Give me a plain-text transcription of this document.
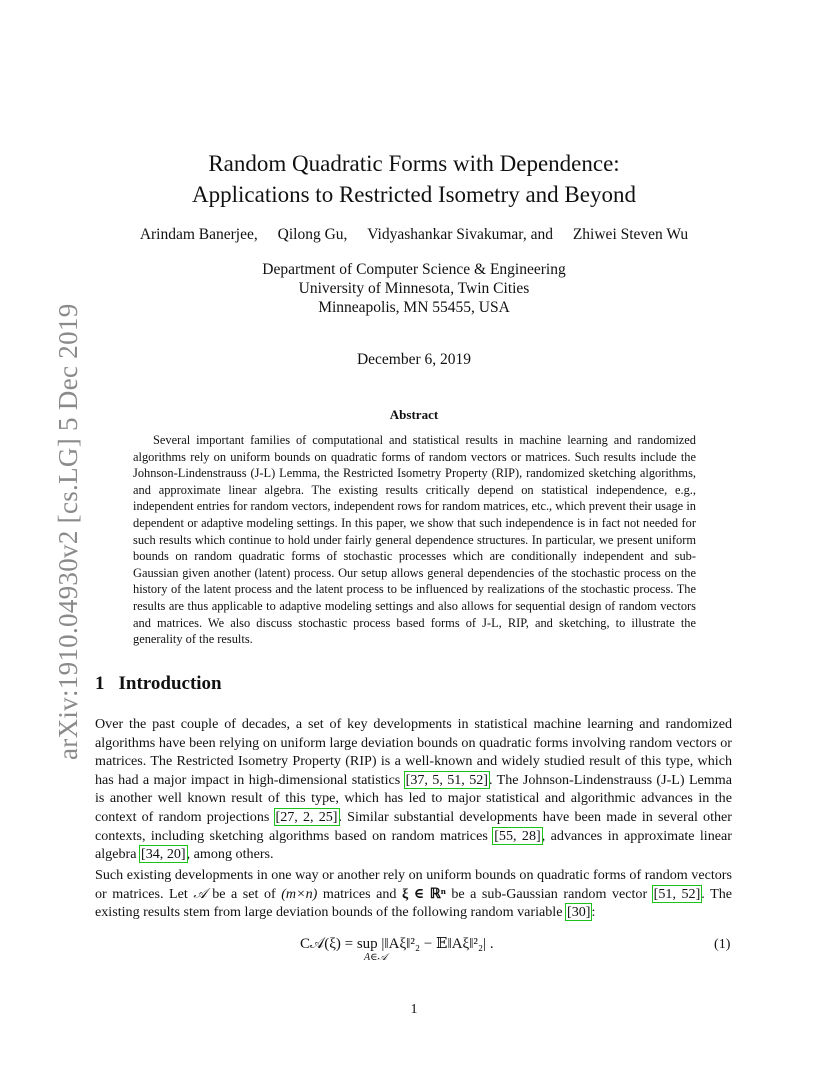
arXiv:1910.04930v2 [cs.LG] 5 Dec 2019
Random Quadratic Forms with Dependence:
Applications to Restricted Isometry and Beyond
Arindam Banerjee, Qilong Gu, Vidyashankar Sivakumar, and Zhiwei Steven Wu
Department of Computer Science & Engineering
University of Minnesota, Twin Cities
Minneapolis, MN 55455, USA
December 6, 2019
Abstract

Several important families of computational and statistical results in machine learning and randomized algorithms rely on uniform bounds on quadratic forms of random vectors or matrices. Such results include the Johnson-Lindenstrauss (J-L) Lemma, the Restricted Isometry Property (RIP), randomized sketching algorithms, and approximate linear algebra. The existing results critically depend on statistical independence, e.g., independent entries for random vectors, independent rows for random matrices, etc., which prevent their usage in dependent or adaptive modeling settings. In this paper, we show that such independence is in fact not needed for such results which continue to hold under fairly general dependence structures. In particular, we present uniform bounds on random quadratic forms of stochastic processes which are conditionally independent and sub-Gaussian given another (latent) process. Our setup allows general dependencies of the stochastic process on the history of the latent process and the latent process to be influenced by realizations of the stochastic process. The results are thus applicable to adaptive modeling settings and also allows for sequential design of random vectors and matrices. We also discuss stochastic process based forms of J-L, RIP, and sketching, to illustrate the generality of the results.

1 Introduction

Over the past couple of decades, a set of key developments in statistical machine learning and randomized algorithms have been relying on uniform large deviation bounds on quadratic forms involving random vectors or matrices. The Restricted Isometry Property (RIP) is a well-known and widely studied result of this type, which has had a major impact in high-dimensional statistics [37, 5, 51, 52]. The Johnson-Lindenstrauss (J-L) Lemma is another well known result of this type, which has led to major statistical and algorithmic advances in the context of random projections [27, 2, 25]. Similar substantial developments have been made in several other contexts, including sketching algorithms based on random matrices [55, 28], advances in approximate linear algebra [34, 20], among others.

Such existing developments in one way or another rely on uniform bounds on quadratic forms of random vectors or matrices. Let 𝒜 be a set of (m×n) matrices and ξ ∈ ℝⁿ be a sub-Gaussian random vector [51, 52]. The existing results stem from large deviation bounds of the following random variable [30]:

C𝒜(ξ) = sup |‖Aξ‖²₂ − 𝔼‖Aξ‖²₂| .
A∈𝒜
(1)
1
